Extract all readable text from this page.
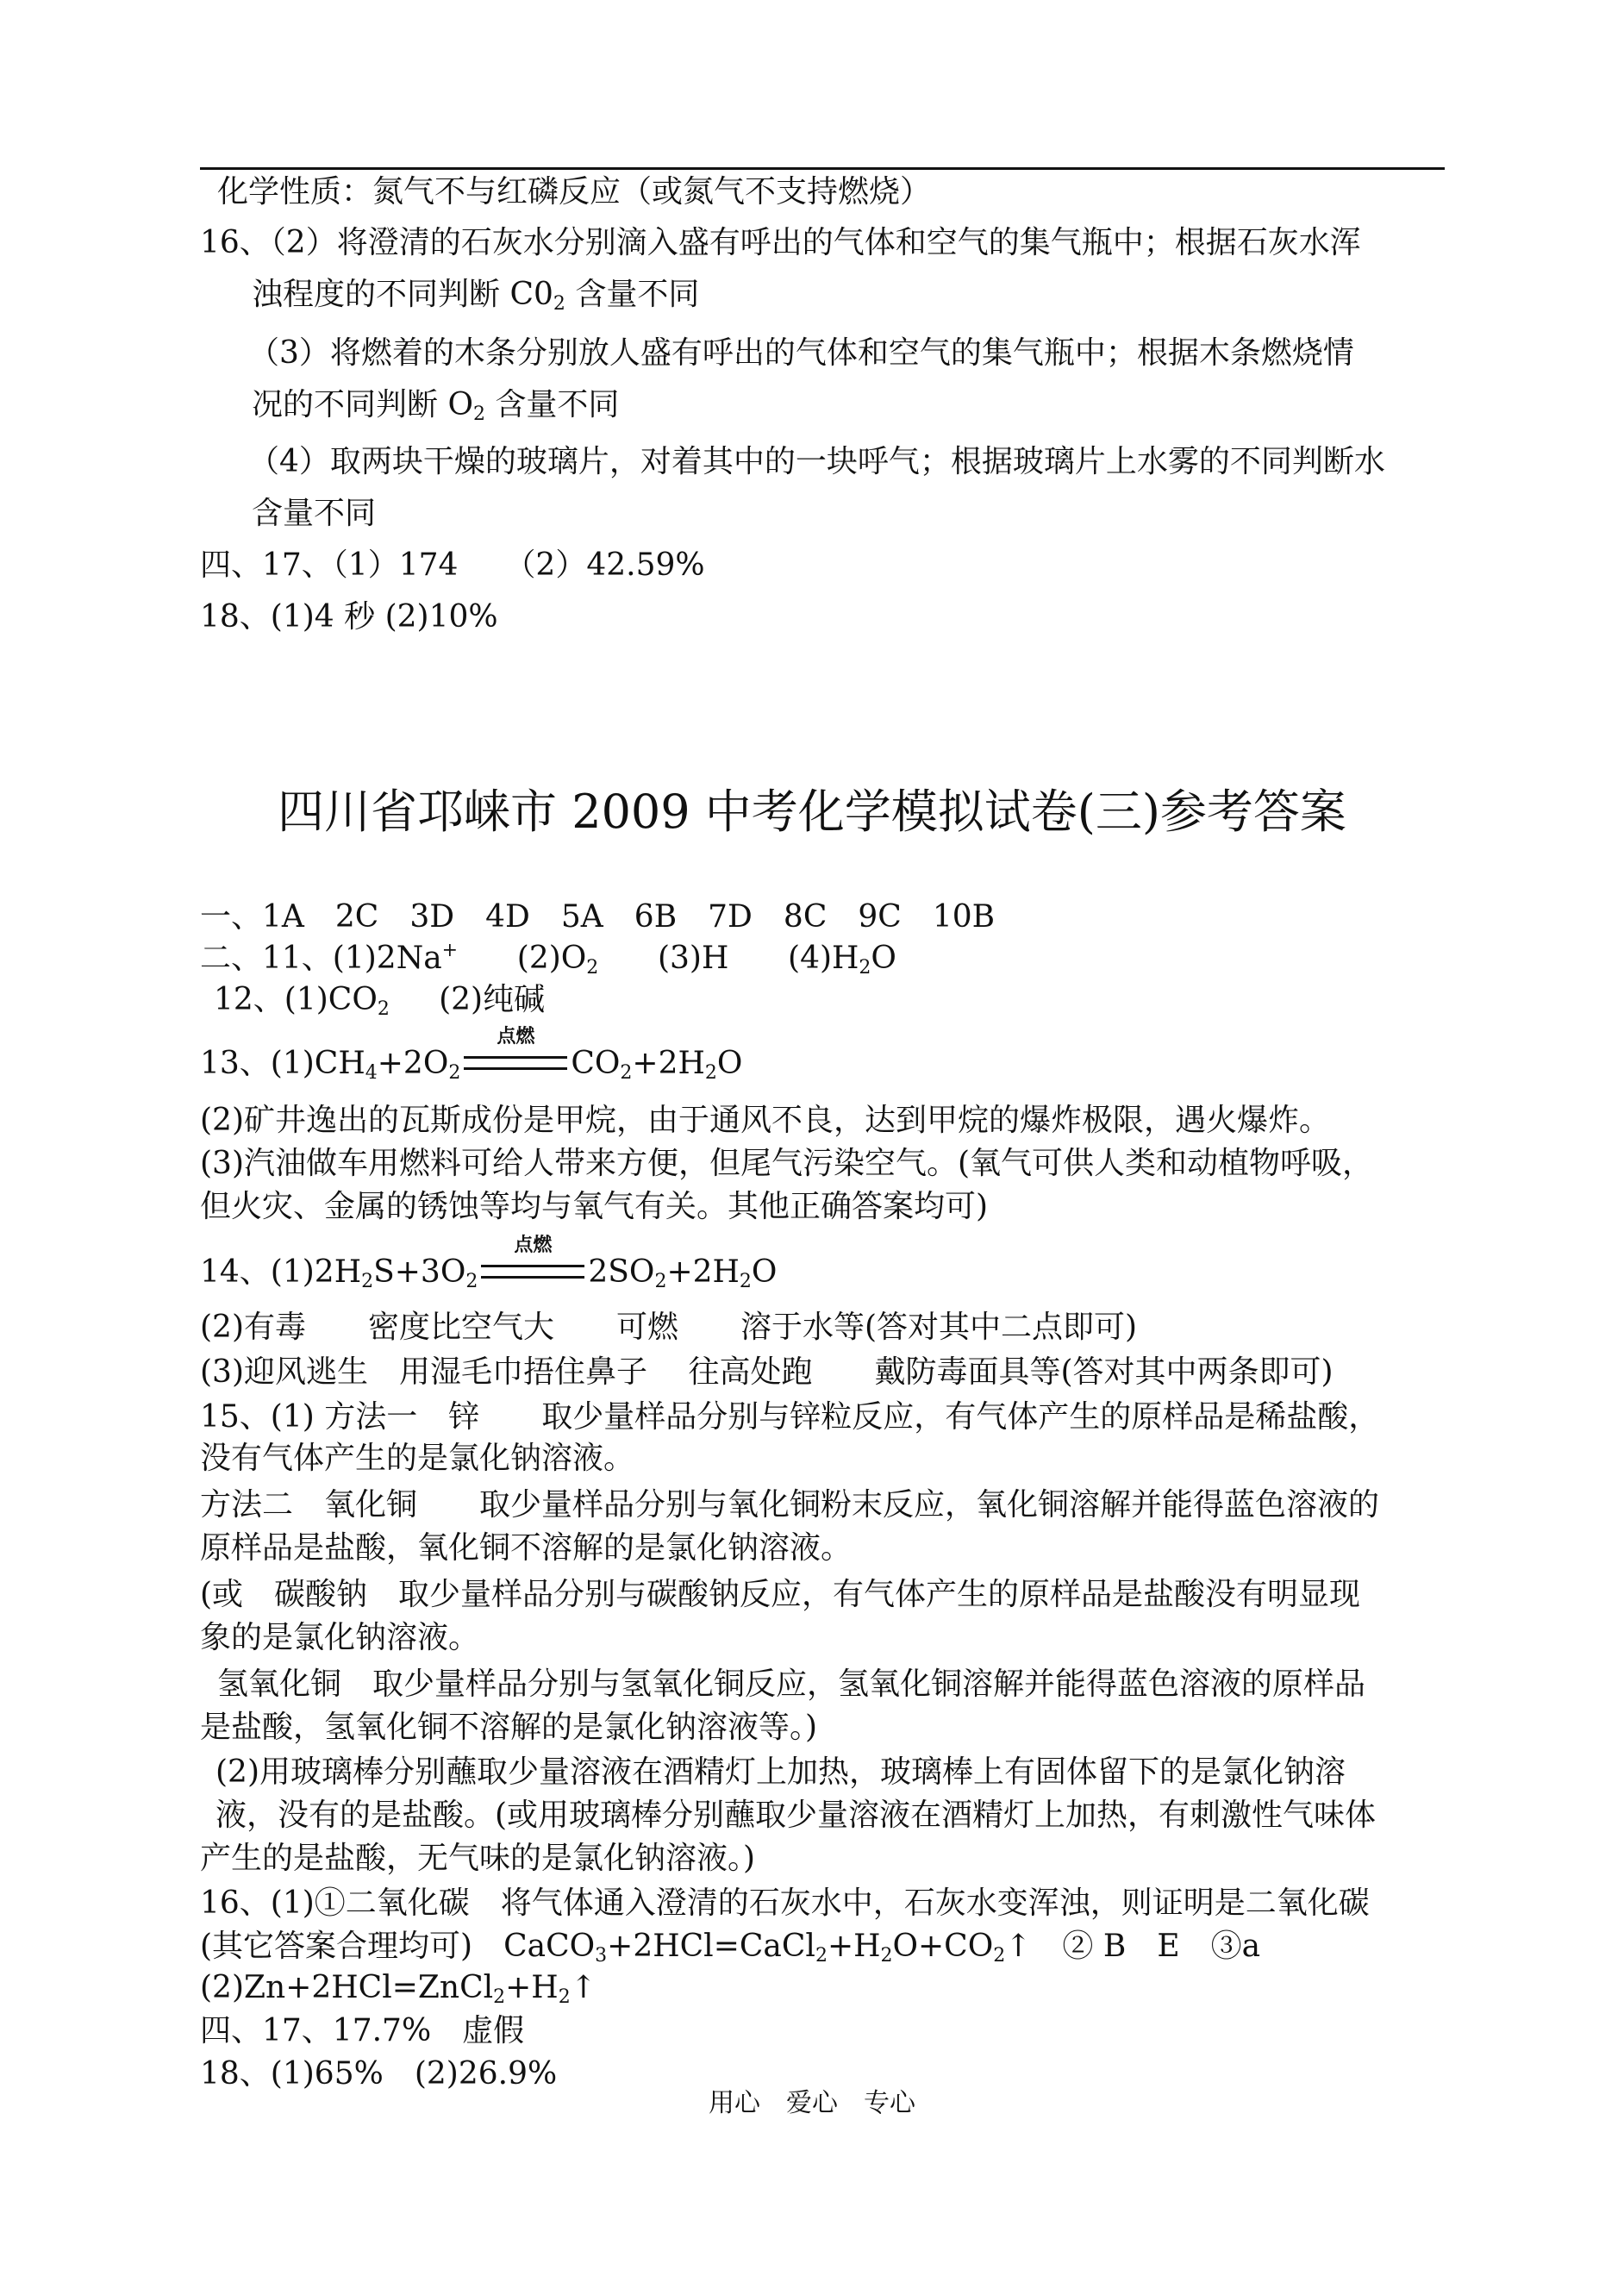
化学性质：氮气不与红磷反应（或氮气不支持燃烧）
16、（2）将澄清的石灰水分别滴入盛有呼出的气体和空气的集气瓶中；根据石灰水浑
浊程度的不同判断 $C0_2$ 含量不同
（3）将燃着的木条分别放人盛有呼出的气体和空气的集气瓶中；根据木条燃烧情
况的不同判断 $O_2$ 含量不同
（4）取两块干燥的玻璃片，对着其中的一块呼气；根据玻璃片上水雾的不同判断水
含量不同
四、17、（1）174　　（2）42.59%
18、(1)4 秒 (2)10%
四川省邛崃市 2009 中考化学模拟试卷(三)参考答案
一、1A　2C　3D　4D　5A　6B　7D　8C　9C　10B
二、11、(1)2Na+ $(2)O_2$ (3)H $(4)H_2O$
12、$(1)CO_2$ (2)纯碱
13、$(1)CH_4+2O_2$
点燃
$CO_2+2H_2O$
(2)矿井逸出的瓦斯成份是甲烷，由于通风不良，达到甲烷的爆炸极限，遇火爆炸。
(3)汽油做车用燃料可给人带来方便，但尾气污染空气。(氧气可供人类和动植物呼吸，
但火灾、金属的锈蚀等均与氧气有关。其他正确答案均可)
14、$(1)2H_2S+3O_2$
点燃
$2SO_2+2H_2O$
(2)有毒　　密度比空气大　　可燃　　溶于水等(答对其中二点即可)
(3)迎风逃生　用湿毛巾捂住鼻子　 往高处跑　　戴防毒面具等(答对其中两条即可)
15、(1) 方法一　锌　　取少量样品分别与锌粒反应，有气体产生的原样品是稀盐酸，
没有气体产生的是氯化钠溶液。
方法二　氧化铜　　取少量样品分别与氧化铜粉末反应，氧化铜溶解并能得蓝色溶液的
原样品是盐酸，氧化铜不溶解的是氯化钠溶液。
(或　碳酸钠　取少量样品分别与碳酸钠反应，有气体产生的原样品是盐酸没有明显现
象的是氯化钠溶液。
氢氧化铜　取少量样品分别与氢氧化铜反应，氢氧化铜溶解并能得蓝色溶液的原样品
是盐酸，氢氧化铜不溶解的是氯化钠溶液等。)
(2)用玻璃棒分别蘸取少量溶液在酒精灯上加热，玻璃棒上有固体留下的是氯化钠溶
液，没有的是盐酸。(或用玻璃棒分别蘸取少量溶液在酒精灯上加热，有刺激性气味体
产生的是盐酸，无气味的是氯化钠溶液。)
16、(1)①二氧化碳　将气体通入澄清的石灰水中，石灰水变浑浊，则证明是二氧化碳
(其它答案合理均可)　$CaCO_3+2HCl=CaCl_2+H_2O+CO_2↑$　② B　E　③a
$(2)Zn+2HCl=ZnCl_2+H_2↑$
四、17、17.7%　虚假
18、(1)65%　(2)26.9%
用心　爱心　专心
